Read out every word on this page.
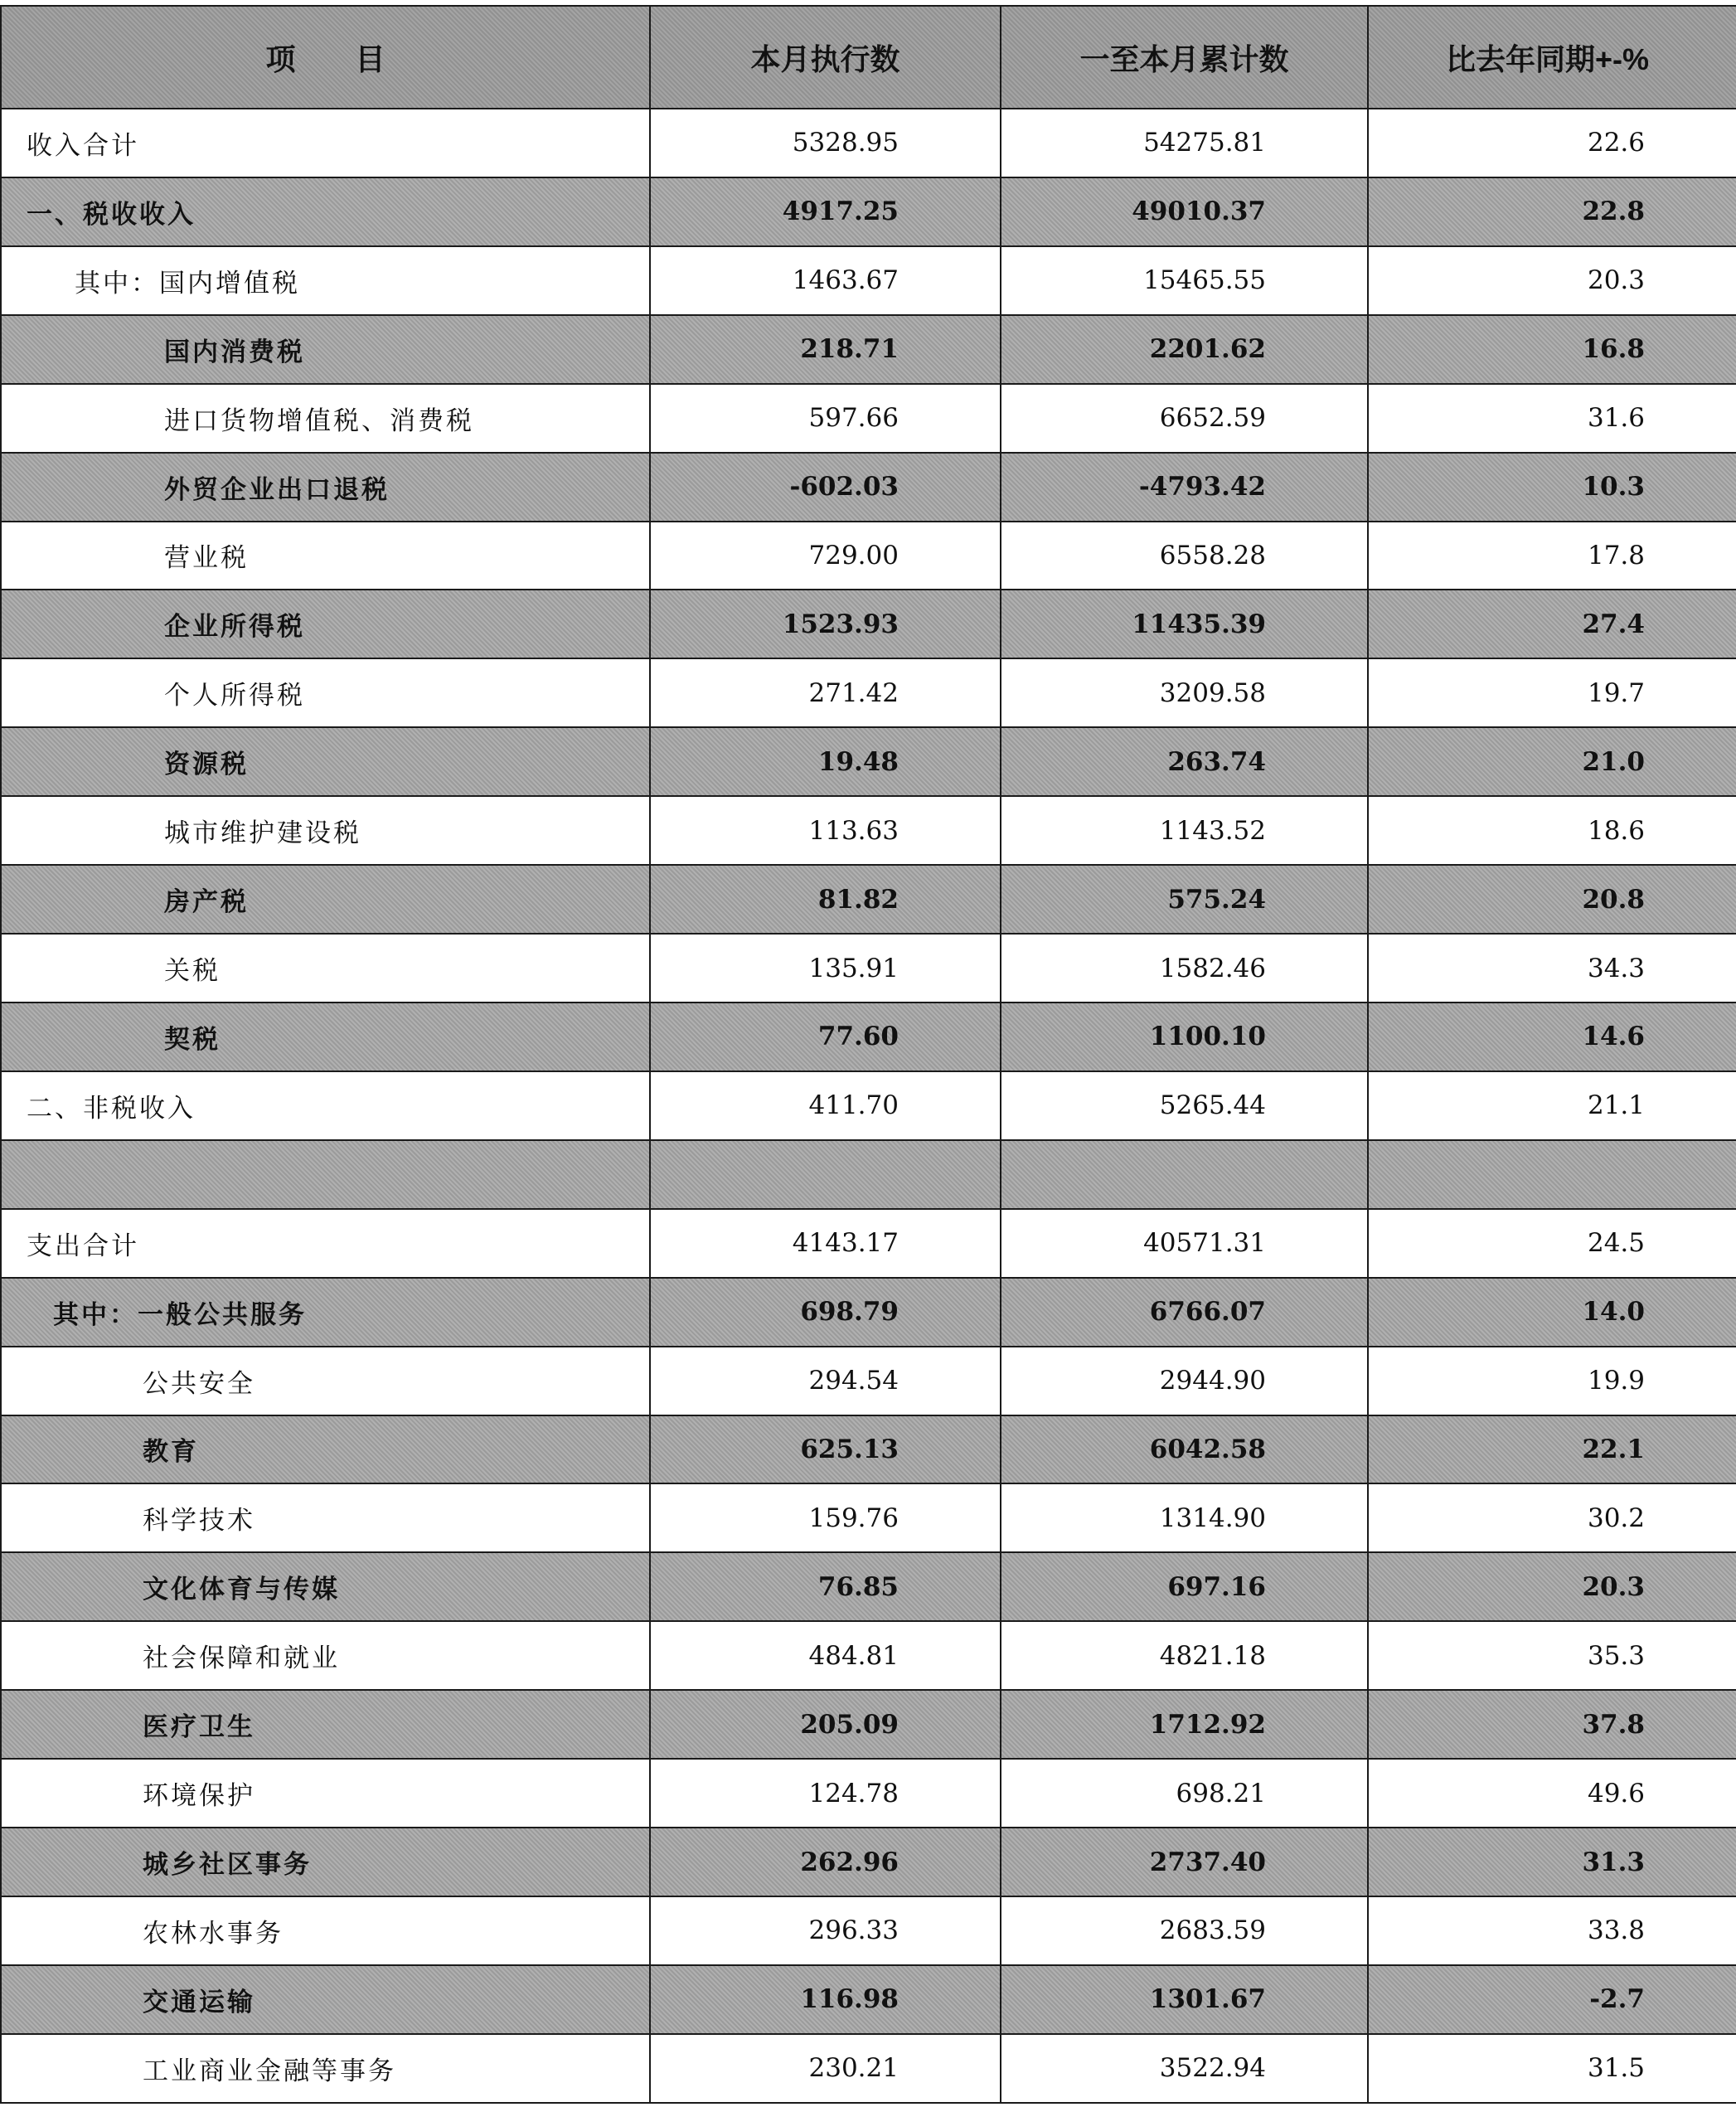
项　　目	本月执行数	一至本月累计数	比去年同期+-%
收入合计	5328.95	54275.81	22.6
一、税收收入	4917.25	49010.37	22.8
其中：国内增值税	1463.67	15465.55	20.3
国内消费税	218.71	2201.62	16.8
进口货物增值税、消费税	597.66	6652.59	31.6
外贸企业出口退税	-602.03	-4793.42	10.3
营业税	729.00	6558.28	17.8
企业所得税	1523.93	11435.39	27.4
个人所得税	271.42	3209.58	19.7
资源税	19.48	263.74	21.0
城市维护建设税	113.63	1143.52	18.6
房产税	81.82	575.24	20.8
关税	135.91	1582.46	34.3
契税	77.60	1100.10	14.6
二、非税收入	411.70	5265.44	21.1

支出合计	4143.17	40571.31	24.5
其中：一般公共服务	698.79	6766.07	14.0
公共安全	294.54	2944.90	19.9
教育	625.13	6042.58	22.1
科学技术	159.76	1314.90	30.2
文化体育与传媒	76.85	697.16	20.3
社会保障和就业	484.81	4821.18	35.3
医疗卫生	205.09	1712.92	37.8
环境保护	124.78	698.21	49.6
城乡社区事务	262.96	2737.40	31.3
农林水事务	296.33	2683.59	33.8
交通运输	116.98	1301.67	-2.7
工业商业金融等事务	230.21	3522.94	31.5
